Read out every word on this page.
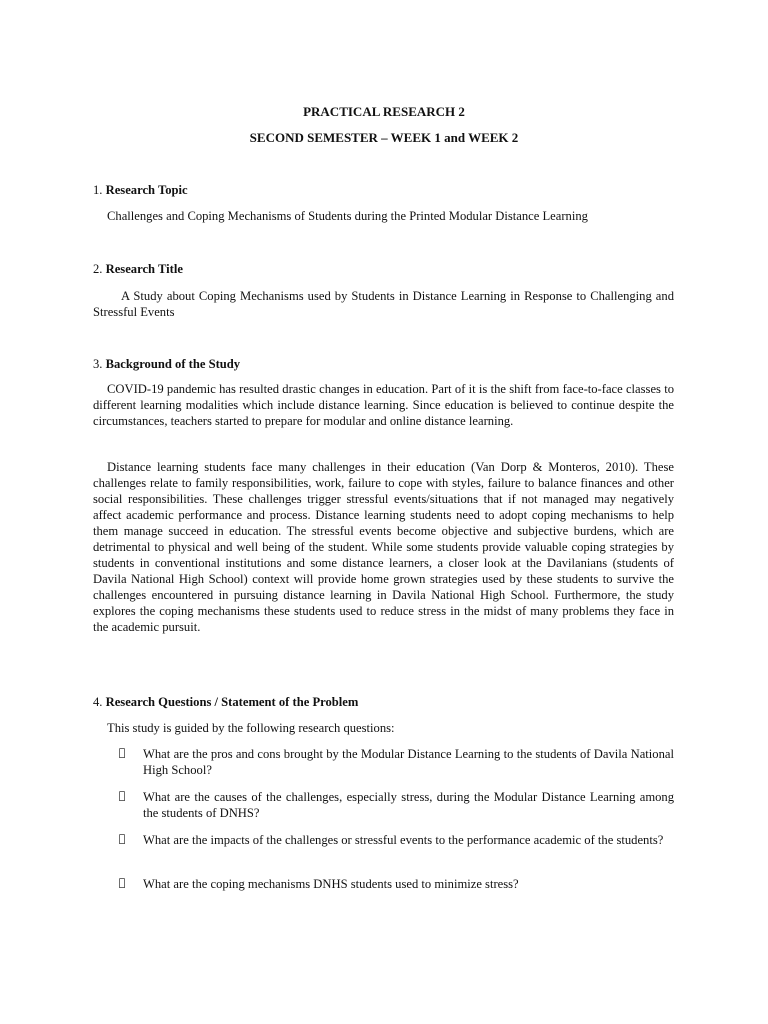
PRACTICAL RESEARCH 2
SECOND SEMESTER – WEEK 1 and WEEK 2
1. Research Topic
Challenges and Coping Mechanisms of Students during the Printed Modular Distance Learning
2. Research Title
A Study about Coping Mechanisms used by Students in Distance Learning in Response to Challenging and Stressful Events
3. Background of the Study
COVID-19 pandemic has resulted drastic changes in education. Part of it is the shift from face-to-face classes to different learning modalities which include distance learning. Since education is believed to continue despite the circumstances, teachers started to prepare for modular and online distance learning.
Distance learning students face many challenges in their education (Van Dorp & Monteros, 2010). These challenges relate to family responsibilities, work, failure to cope with styles, failure to balance finances and other social responsibilities. These challenges trigger stressful events/situations that if not managed may negatively affect academic performance and process. Distance learning students need to adopt coping mechanisms to help them manage succeed in education. The stressful events become objective and subjective burdens, which are detrimental to physical and well being of the student. While some students provide valuable coping strategies by students in conventional institutions and some distance learners, a closer look at the Davilanians (students of Davila National High School) context will provide home grown strategies used by these students to survive the challenges encountered in pursuing distance learning in Davila National High School. Furthermore, the study explores the coping mechanisms these students used to reduce stress in the midst of many problems they face in the academic pursuit.
4. Research Questions / Statement of the Problem
This study is guided by the following research questions:
What are the pros and cons brought by the Modular Distance Learning to the students of Davila National High School?
What are the causes of the challenges, especially stress, during the Modular Distance Learning among the students of DNHS?
What are the impacts of the challenges or stressful events to the performance academic of the students?
What are the coping mechanisms DNHS students used to minimize stress?
